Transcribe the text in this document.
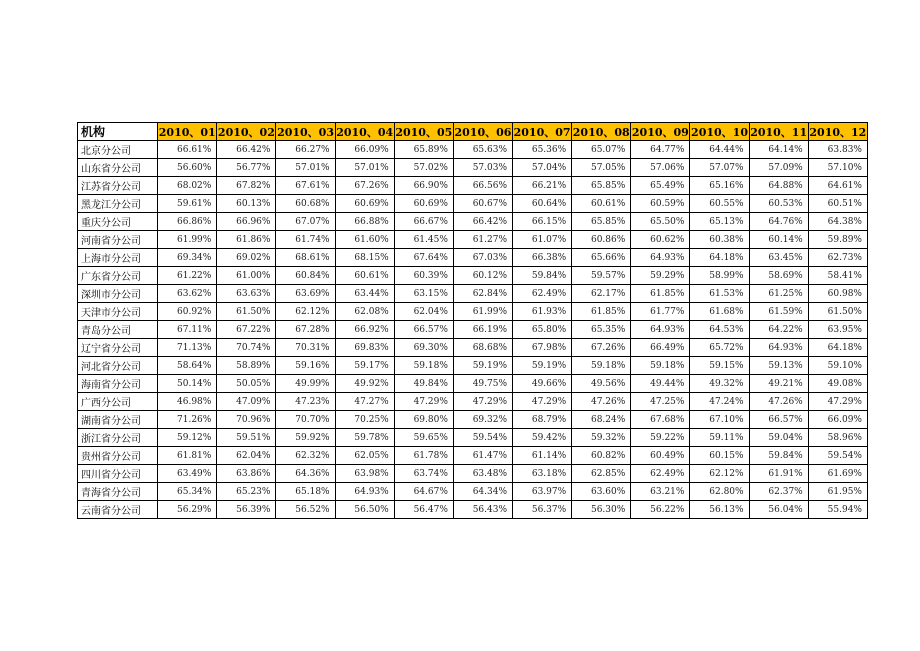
机构	2010、01	2010、02	2010、03	2010、04	2010、05	2010、06	2010、07	2010、08	2010、09	2010、10	2010、11	2010、12
北京分公司	66.61%	66.42%	66.27%	66.09%	65.89%	65.63%	65.36%	65.07%	64.77%	64.44%	64.14%	63.83%
山东省分公司	56.60%	56.77%	57.01%	57.01%	57.02%	57.03%	57.04%	57.05%	57.06%	57.07%	57.09%	57.10%
江苏省分公司	68.02%	67.82%	67.61%	67.26%	66.90%	66.56%	66.21%	65.85%	65.49%	65.16%	64.88%	64.61%
黑龙江分公司	59.61%	60.13%	60.68%	60.69%	60.69%	60.67%	60.64%	60.61%	60.59%	60.55%	60.53%	60.51%
重庆分公司	66.86%	66.96%	67.07%	66.88%	66.67%	66.42%	66.15%	65.85%	65.50%	65.13%	64.76%	64.38%
河南省分公司	61.99%	61.86%	61.74%	61.60%	61.45%	61.27%	61.07%	60.86%	60.62%	60.38%	60.14%	59.89%
上海市分公司	69.34%	69.02%	68.61%	68.15%	67.64%	67.03%	66.38%	65.66%	64.93%	64.18%	63.45%	62.73%
广东省分公司	61.22%	61.00%	60.84%	60.61%	60.39%	60.12%	59.84%	59.57%	59.29%	58.99%	58.69%	58.41%
深圳市分公司	63.62%	63.63%	63.69%	63.44%	63.15%	62.84%	62.49%	62.17%	61.85%	61.53%	61.25%	60.98%
天津市分公司	60.92%	61.50%	62.12%	62.08%	62.04%	61.99%	61.93%	61.85%	61.77%	61.68%	61.59%	61.50%
青岛分公司	67.11%	67.22%	67.28%	66.92%	66.57%	66.19%	65.80%	65.35%	64.93%	64.53%	64.22%	63.95%
辽宁省分公司	71.13%	70.74%	70.31%	69.83%	69.30%	68.68%	67.98%	67.26%	66.49%	65.72%	64.93%	64.18%
河北省分公司	58.64%	58.89%	59.16%	59.17%	59.18%	59.19%	59.19%	59.18%	59.18%	59.15%	59.13%	59.10%
海南省分公司	50.14%	50.05%	49.99%	49.92%	49.84%	49.75%	49.66%	49.56%	49.44%	49.32%	49.21%	49.08%
广西分公司	46.98%	47.09%	47.23%	47.27%	47.29%	47.29%	47.29%	47.26%	47.25%	47.24%	47.26%	47.29%
湖南省分公司	71.26%	70.96%	70.70%	70.25%	69.80%	69.32%	68.79%	68.24%	67.68%	67.10%	66.57%	66.09%
浙江省分公司	59.12%	59.51%	59.92%	59.78%	59.65%	59.54%	59.42%	59.32%	59.22%	59.11%	59.04%	58.96%
贵州省分公司	61.81%	62.04%	62.32%	62.05%	61.78%	61.47%	61.14%	60.82%	60.49%	60.15%	59.84%	59.54%
四川省分公司	63.49%	63.86%	64.36%	63.98%	63.74%	63.48%	63.18%	62.85%	62.49%	62.12%	61.91%	61.69%
青海省分公司	65.34%	65.23%	65.18%	64.93%	64.67%	64.34%	63.97%	63.60%	63.21%	62.80%	62.37%	61.95%
云南省分公司	56.29%	56.39%	56.52%	56.50%	56.47%	56.43%	56.37%	56.30%	56.22%	56.13%	56.04%	55.94%
